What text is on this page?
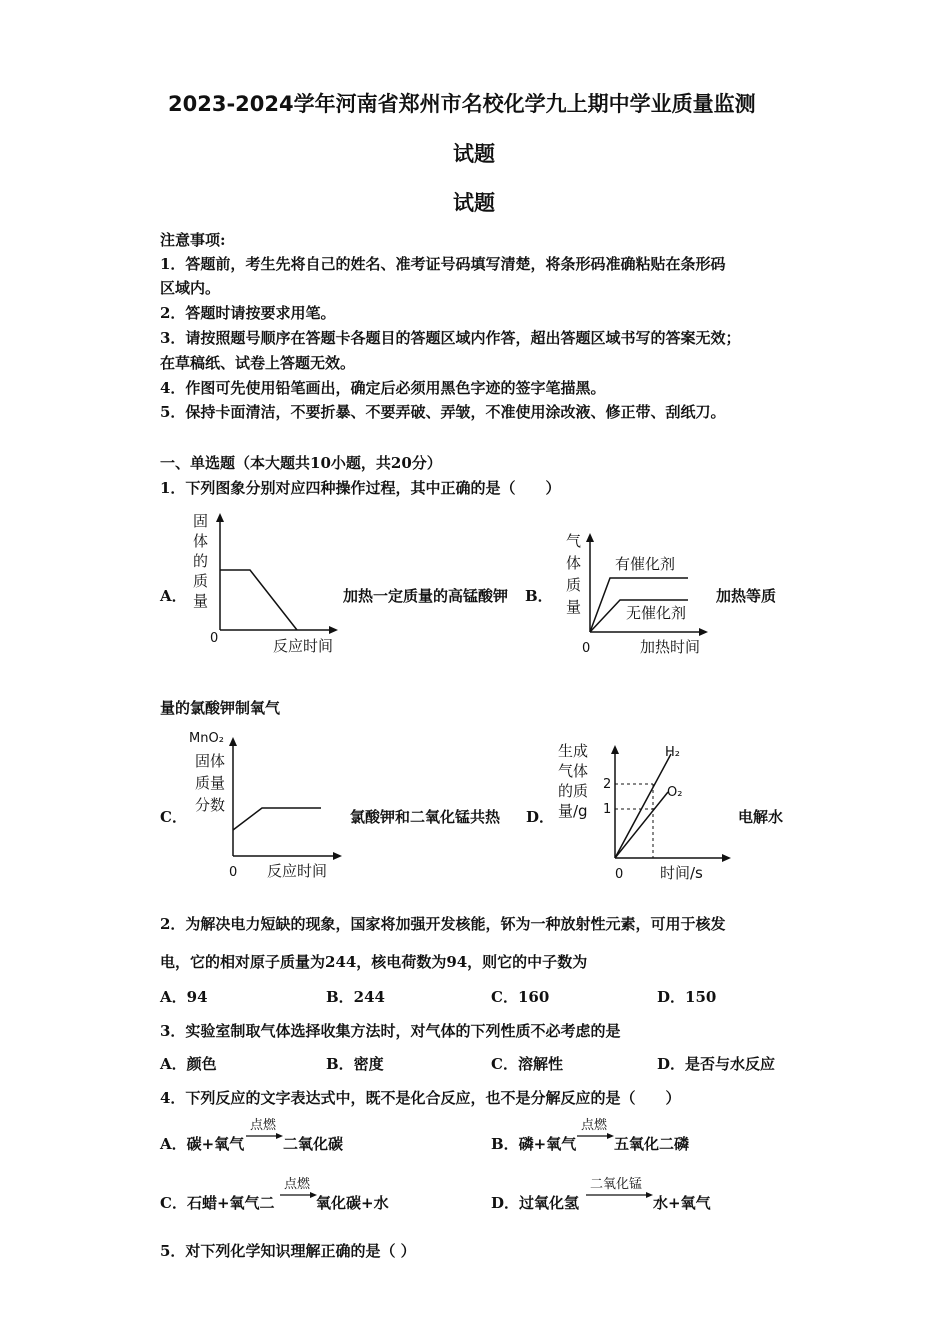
2023-2024学年河南省郑州市名校化学九上期中学业质量监测
试题
试题
注意事项:
1．答题前，考生先将自己的姓名、准考证号码填写清楚，将条形码准确粘贴在条形码
区域内。
2．答题时请按要求用笔。
3．请按照题号顺序在答题卡各题目的答题区域内作答，超出答题区域书写的答案无效；
在草稿纸、试卷上答题无效。
4．作图可先使用铅笔画出，确定后必须用黑色字迹的签字笔描黑。
5．保持卡面清洁，不要折暴、不要弄破、弄皱，不准使用涂改液、修正带、刮纸刀。
一、单选题（本大题共10小题，共20分）
1．下列图象分别对应四种操作过程，其中正确的是（　　）
A．
固
体
的
质
量
0	反应时间
加热一定质量的高锰酸钾 B．
气
体
质
量
有催化剂
无催化剂
0	加热时间
加热等质
量的氯酸钾制氧气
C．
MnO₂
固体
质量
分数
0 反应时间
氯酸钾和二氧化锰共热 D．
生成
气体
的质
量/g
2
1
H₂
O₂
0 时间/s
电解水
2．为解决电力短缺的现象，国家将加强开发核能，钚为一种放射性元素，可用于核发
电，它的相对原子质量为244，核电荷数为94，则它的中子数为
A．94	B．244	C．160	D．150
3．实验室制取气体选择收集方法时，对气体的下列性质不必考虑的是
A．颜色	B．密度	C．溶解性	D．是否与水反应
4．下列反应的文字表达式中，既不是化合反应，也不是分解反应的是（　　）
A．碳+氧气
点燃
→ 二氧化碳	B．磷+氧气
点燃
→ 五氧化二磷
C．石蜡+氧气二
点燃
氧化碳+水	D．过氧化氢
二氧化锰
水+氧气
5．对下列化学知识理解正确的是（ ）
